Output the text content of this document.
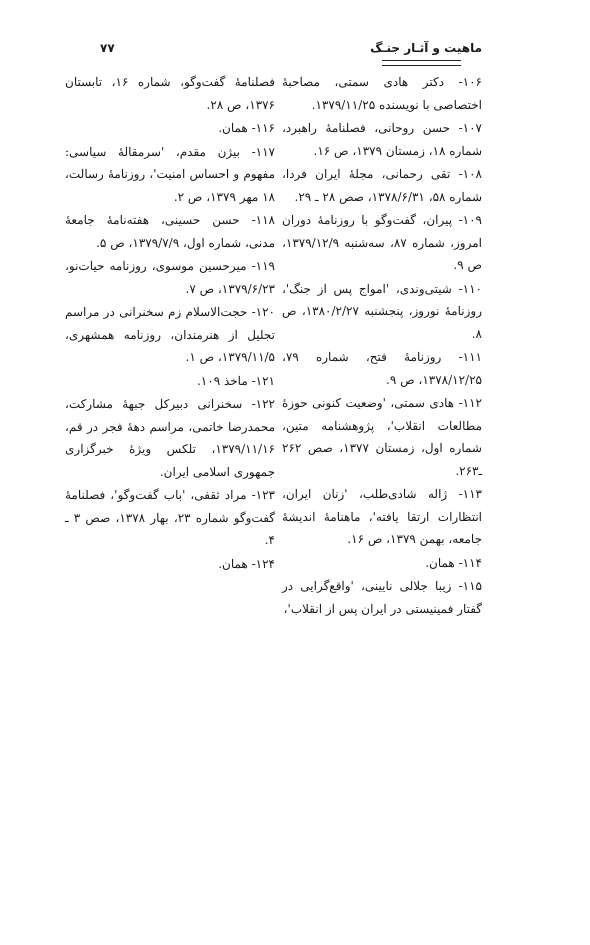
ماهیت و آثـار جنـگ
۷۷

۱۰۶- دکتر هادی سمتی، مصاحبهٔ اختصاصی با نویسنده ۱۳۷۹/۱۱/۲۵.

۱۰۷- حسن روحانی، فصلنامهٔ راهبرد، شماره ۱۸، زمستان ۱۳۷۹، ص ۱۶.

۱۰۸- تقی رحمانی، مجلهٔ ایران فردا، شماره ۵۸، ۱۳۷۸/۶/۳۱، صص ۲۸ ـ ۲۹.

۱۰۹- پیران، گفت‌وگو با روزنامهٔ دوران امروز، شماره ۸۷، سه‌شنبه ۱۳۷۹/۱۲/۹، ص ۹.

۱۱۰- شیتی‌وندی، 'امواج پس از جنگ'، روزنامهٔ نوروز، پنجشنبه ۱۳۸۰/۲/۲۷، ص ۸.

۱۱۱- روزنامهٔ فتح، شماره ۷۹، ۱۳۷۸/۱۲/۲۵، ص ۹.

۱۱۲- هادی سمتی، 'وضعیت کنونی حوزهٔ مطالعات انقلاب'، پژوهشنامه متین، شماره اول، زمستان ۱۳۷۷، صص ۲۶۲ ـ۲۶۳.

۱۱۳- ژاله شادی‌طلب، 'زنان ایران، انتظارات ارتقا یافته'، ماهنامهٔ اندیشهٔ جامعه، بهمن ۱۳۷۹، ص ۱۶.

۱۱۴- همان.

۱۱۵- زیبا جلالی نایینی، 'واقع‌گرایی در گفتار فمینیستی در ایران پس از انقلاب'،

فصلنامهٔ گفت‌وگو، شماره ۱۶، تابستان ۱۳۷۶، ص ۲۸.

۱۱۶- همان.

۱۱۷- بیژن مقدم، 'سرمقالهٔ سیاسی: مفهوم و احساس امنیت'، روزنامهٔ رسالت، ۱۸ مهر ۱۳۷۹، ص ۲.

۱۱۸- حسن حسینی، هفته‌نامهٔ جامعهٔ مدنی، شماره اول، ۱۳۷۹/۷/۹، ص ۵.

۱۱۹- میرحسین موسوی، روزنامه حیات‌نو، ۱۳۷۹/۶/۲۳، ص ۷.

۱۲۰- حجت‌الاسلام زم سخنرانی در مراسم تجلیل از هنرمندان، روزنامه همشهری، ۱۳۷۹/۱۱/۵، ص ۱.

۱۲۱- ماخذ ۱۰۹.

۱۲۲- سخنرانی دبیرکل جبههٔ مشارکت، محمدرضا خاتمی، مراسم دههٔ فجر در قم، ۱۳۷۹/۱۱/۱۶، تلکس ویژهٔ خبرگزاری جمهوری اسلامی ایران.

۱۲۳- مراد ثقفی، 'باب گفت‌وگو'، فصلنامهٔ گفت‌وگو شماره ۲۳، بهار ۱۳۷۸، صص ۳ ـ ۴.

۱۲۴- همان.
